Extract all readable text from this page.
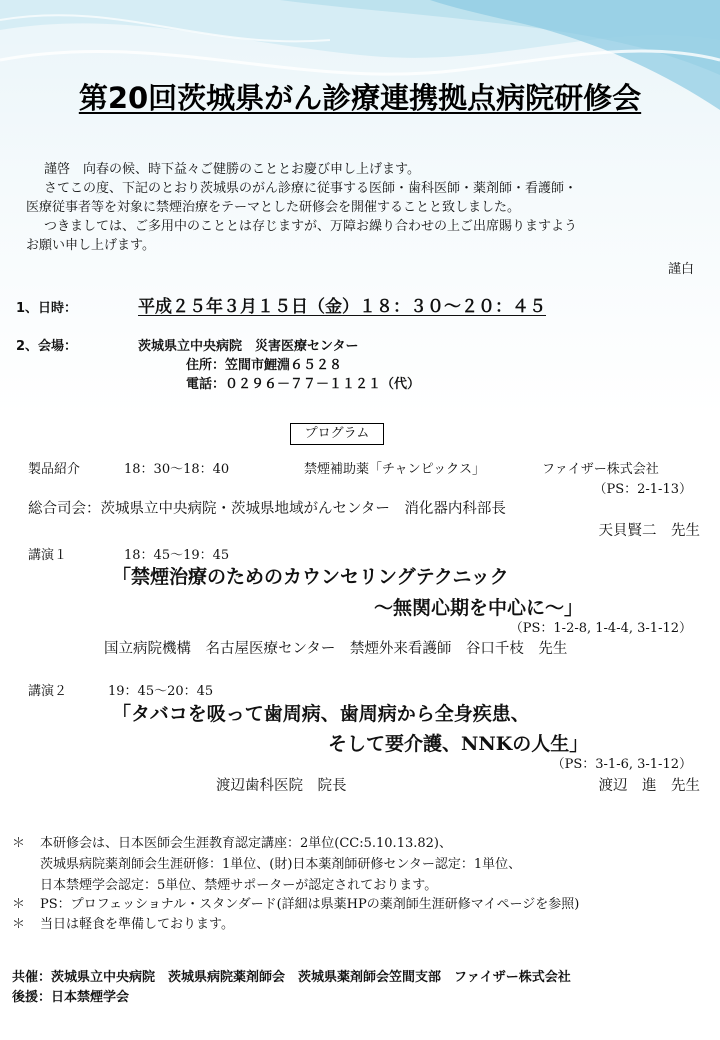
第20回茨城県がん診療連携拠点病院研修会
謹啓　向春の候、時下益々ご健勝のこととお慶び申し上げます。
さてこの度、下記のとおり茨城県のがん診療に従事する医師・歯科医師・薬剤師・看護師・
医療従事者等を対象に禁煙治療をテーマとした研修会を開催することと致しました。
つきましては、ご多用中のこととは存じますが、万障お繰り合わせの上ご出席賜りますよう
お願い申し上げます。
謹白
1、日時：	平成２５年３月１５日（金）１８：３０〜２０：４５
2、会場：	茨城県立中央病院　災害医療センター
住所：笠間市鯉淵６５２８
電話：０２９６－７７－１１２１（代）
プログラム
製品紹介	18：30〜18：40	禁煙補助薬「チャンピックス」	ファイザー株式会社
（PS：2-1-13）
総合司会：茨城県立中央病院・茨城県地域がんセンター　消化器内科部長
天貝賢二　先生
講演１	18：45〜19：45
「禁煙治療のためのカウンセリングテクニック
〜無関心期を中心に〜」
（PS：1-2-8, 1-4-4, 3-1-12）
国立病院機構　名古屋医療センター　禁煙外来看護師　谷口千枝　先生
講演２	19：45〜20：45
「タバコを吸って歯周病、歯周病から全身疾患、
そして要介護、NNKの人生」
（PS：3-1-6, 3-1-12）
渡辺歯科医院　院長	渡辺　進　先生
＊ 本研修会は、日本医師会生涯教育認定講座：2単位(CC:5.10.13.82)、
茨城県病院薬剤師会生涯研修：1単位、(財)日本薬剤師研修センター認定：1単位、
日本禁煙学会認定：5単位、禁煙サポーターが認定されております。
＊ PS：プロフェッショナル・スタンダード(詳細は県薬HPの薬剤師生涯研修マイページを参照)
＊ 当日は軽食を準備しております。
共催：茨城県立中央病院　茨城県病院薬剤師会　茨城県薬剤師会笠間支部　ファイザー株式会社
後援：日本禁煙学会
